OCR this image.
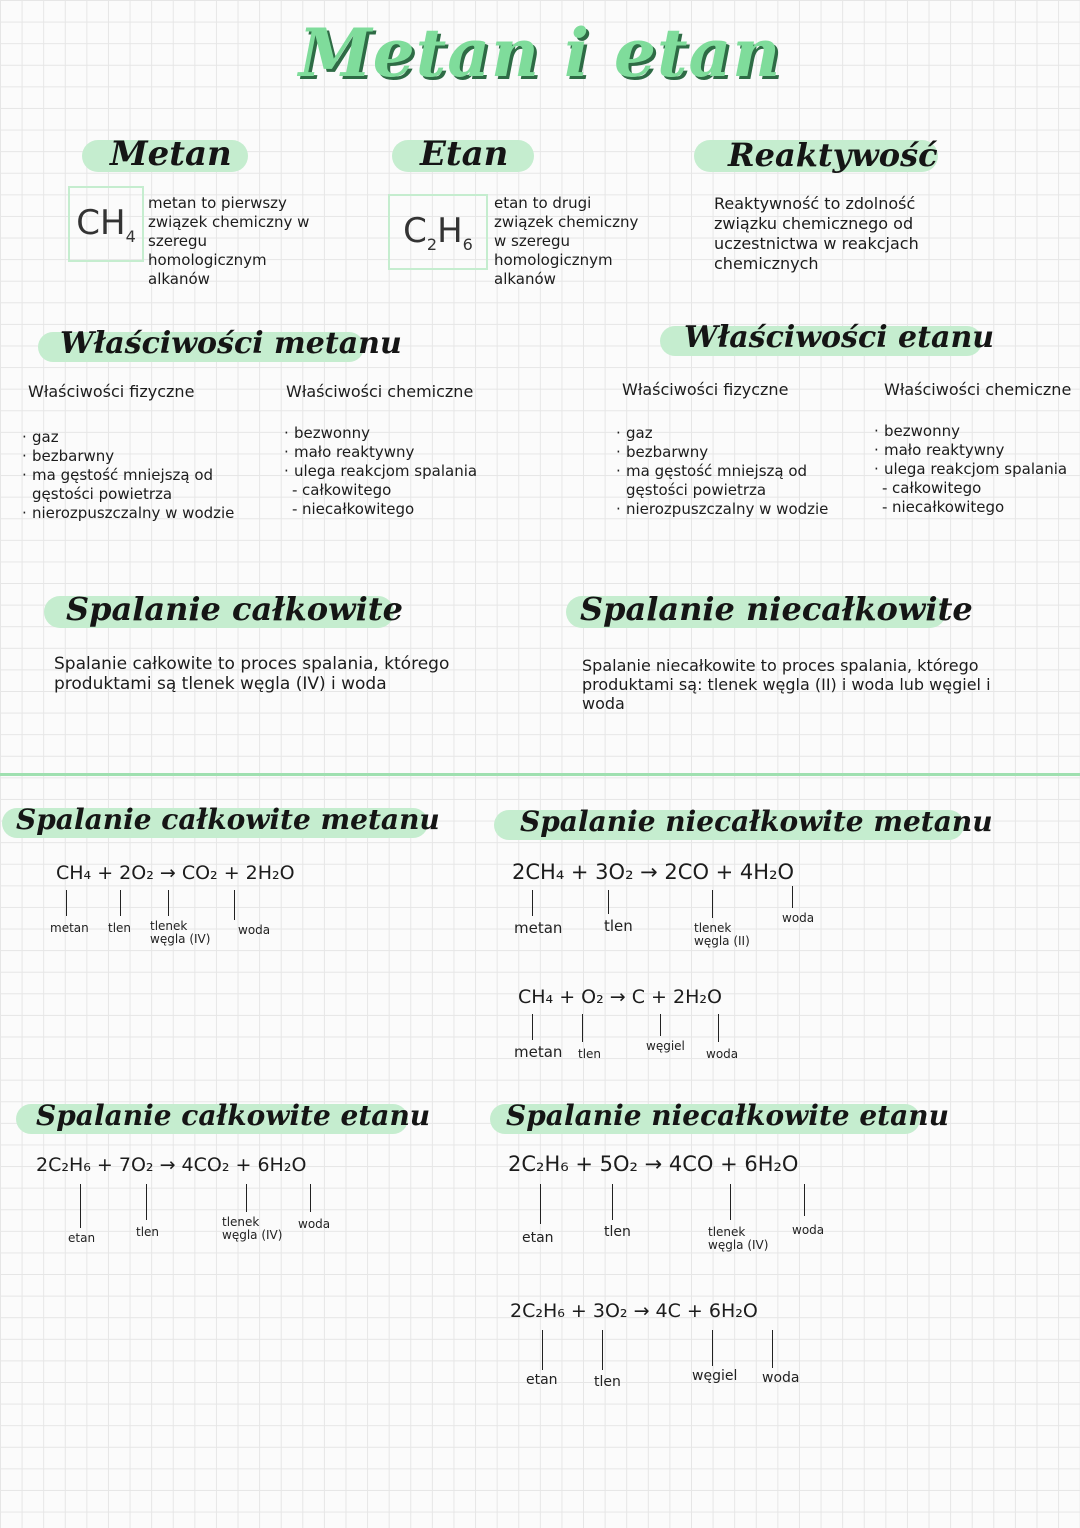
Metan i etan
Metan
$CH_4$
metan to pierwszy związek chemiczny w szeregu homologicznym alkanów
Etan
$C_2H_6$
etan to drugi związek chemiczny w szeregu homologicznym alkanów
Reaktywość
Reaktywność to zdolność związku chemicznego od uczestnictwa w reakcjach chemicznych
Właściwości metanu
Właściwości fizyczne
· gaz
· bezbarwny
· ma gęstość mniejszą od gęstości powietrza
· nierozpuszczalny w wodzie
Właściwości chemiczne
· bezwonny
· mało reaktywny
· ulega reakcjom spalania
- całkowitego
- niecałkowitego
Właściwości etanu
Właściwości fizyczne	Właściwości chemiczne
· gaz
· bezbarwny
· ma gęstość mniejszą od gęstości powietrza
· nierozpuszczalny w wodzie
· bezwonny
· mało reaktywny
· ulega reakcjom spalania
- całkowitego
- niecałkowitego
Spalanie całkowite
Spalanie całkowite to proces spalania, którego produktami są tlenek węgla (IV) i woda
Spalanie niecałkowite
Spalanie niecałkowite to proces spalania, którego produktami są: tlenek węgla (II) i woda lub węgiel i woda
Spalanie całkowite metanu
CH₄ + 2O₂ → CO₂ + 2H₂O
metan tlen tlenek węgla (IV)
woda
Spalanie niecałkowite metanu
2CH₄ + 3O₂ → 2CO + 4H₂O
metan	tlen	tlenek węgla (II)
woda
CH₄ + O₂ → C + 2H₂O
metan tlen
węgiel
woda
Spalanie całkowite etanu
2C₂H₆ + 7O₂ → 4CO₂ + 6H₂O
etan	tlen
tlenek węgla (IV)
woda
Spalanie niecałkowite etanu
2C₂H₆ + 5O₂ → 4CO + 6H₂O
etan	tlen	tlenek węgla (IV)
woda
2C₂H₆ + 3O₂ → 4C + 6H₂O
etan	tlen	węgiel woda
